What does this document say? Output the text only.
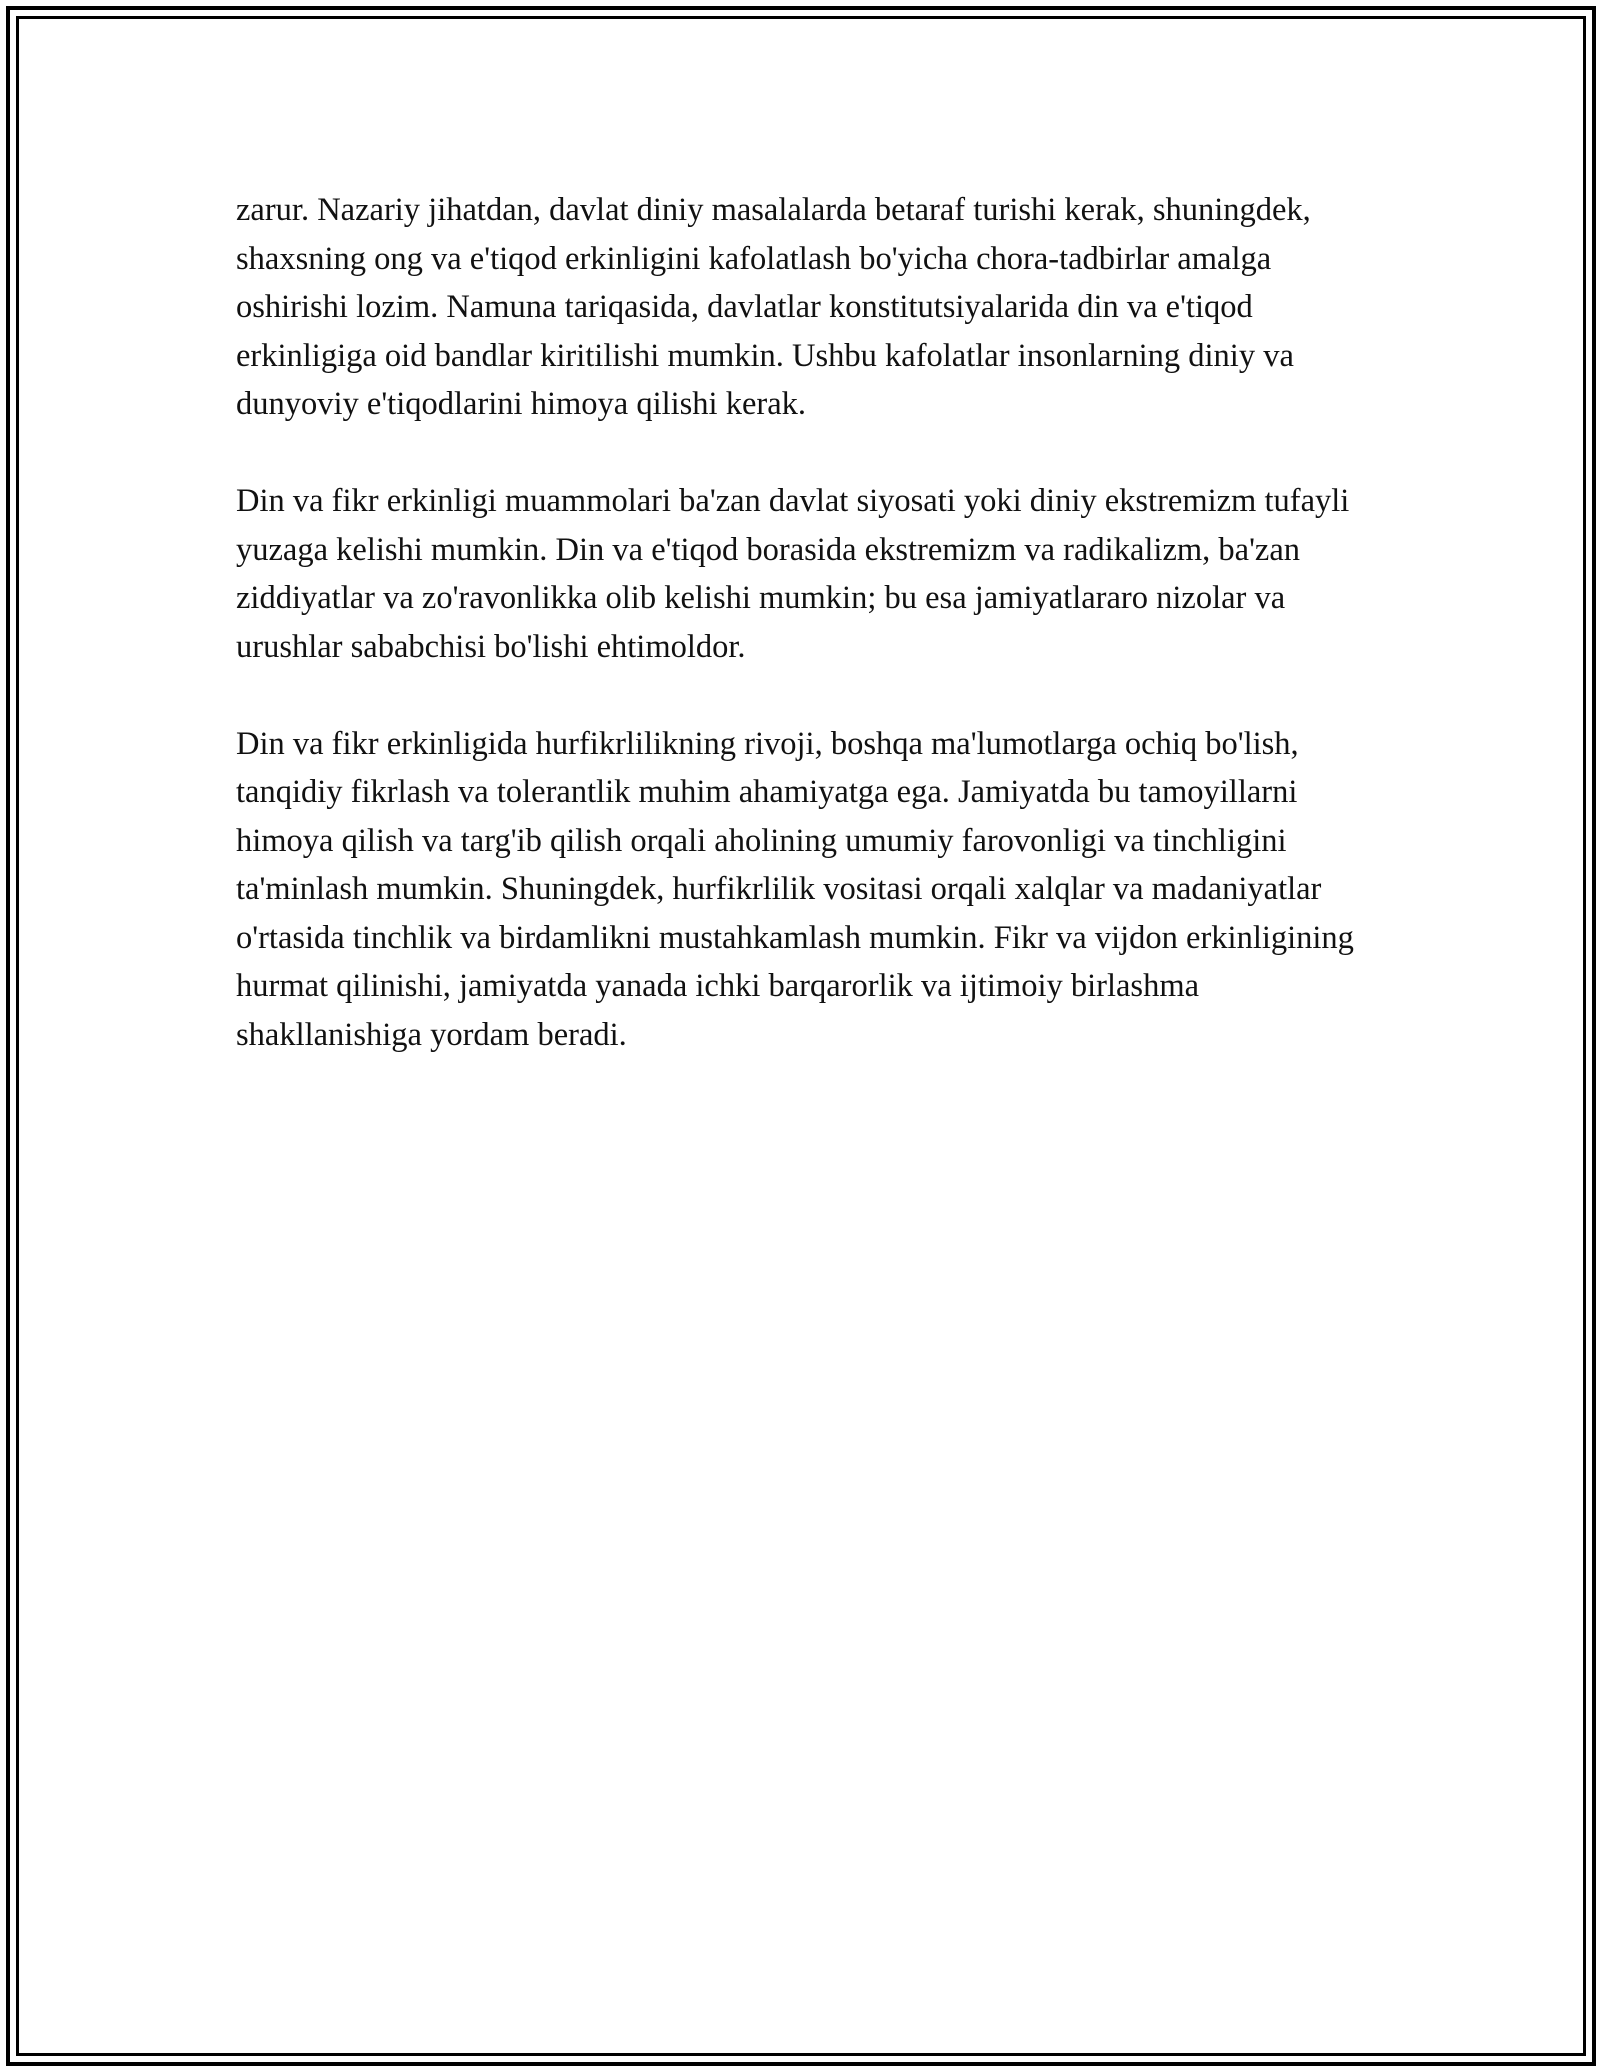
zarur. Nazariy jihatdan, davlat diniy masalalarda betaraf turishi kerak, shuningdek, shaxsning ong va e'tiqod erkinligini kafolatlash bo'yicha chora-tadbirlar amalga oshirishi lozim. Namuna tariqasida, davlatlar konstitutsiyalarida din va e'tiqod erkinligiga oid bandlar kiritilishi mumkin. Ushbu kafolatlar insonlarning diniy va dunyoviy e'tiqodlarini himoya qilishi kerak.

Din va fikr erkinligi muammolari ba'zan davlat siyosati yoki diniy ekstremizm tufayli yuzaga kelishi mumkin. Din va e'tiqod borasida ekstremizm va radikalizm, ba'zan ziddiyatlar va zo'ravonlikka olib kelishi mumkin; bu esa jamiyatlararo nizolar va urushlar sababchisi bo'lishi ehtimoldor.

Din va fikr erkinligida hurfikrlilikning rivoji, boshqa ma'lumotlarga ochiq bo'lish, tanqidiy fikrlash va tolerantlik muhim ahamiyatga ega. Jamiyatda bu tamoyillarni himoya qilish va targ'ib qilish orqali aholining umumiy farovonligi va tinchligini ta'minlash mumkin. Shuningdek, hurfikrlilik vositasi orqali xalqlar va madaniyatlar o'rtasida tinchlik va birdamlikni mustahkamlash mumkin. Fikr va vijdon erkinligining hurmat qilinishi, jamiyatda yanada ichki barqarorlik va ijtimoiy birlashma shakllanishiga yordam beradi.
